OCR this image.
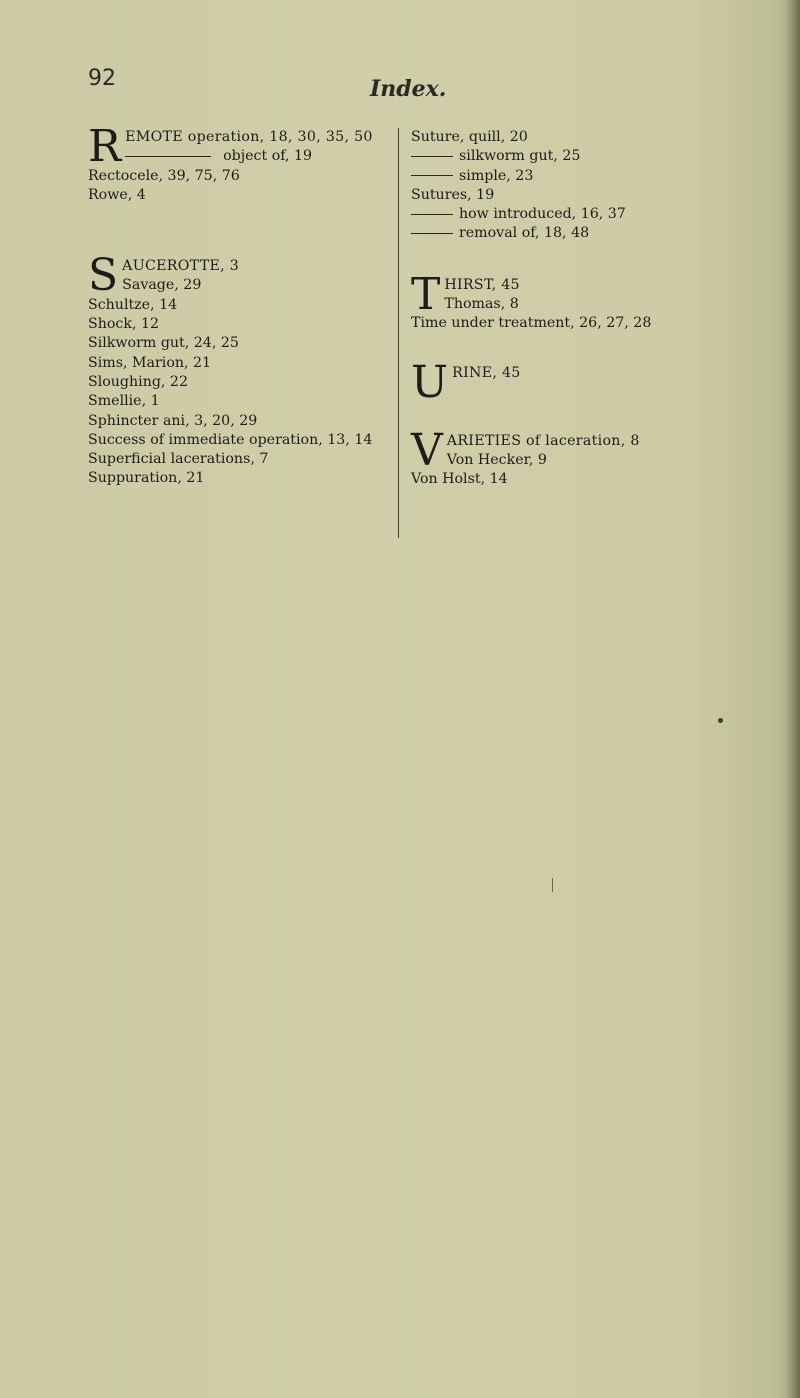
92	Index.
R EMOTE operation, 18, 30, 35, 50
object of, 19
Rectocele, 39, 75, 76
Rowe, 4
S AUCEROTTE, 3
Savage, 29
Schultze, 14
Shock, 12
Silkworm gut, 24, 25
Sims, Marion, 21
Sloughing, 22
Smellie, 1
Sphincter ani, 3, 20, 29
Success of immediate operation, 13, 14
Superficial lacerations, 7
Suppuration, 21
Suture, quill, 20
silkworm gut, 25
simple, 23
Sutures, 19
how introduced, 16, 37
removal of, 18, 48
T HIRST, 45
Thomas, 8
Time under treatment, 26, 27, 28
U RINE, 45
V ARIETIES of laceration, 8
Von Hecker, 9
Von Holst, 14
